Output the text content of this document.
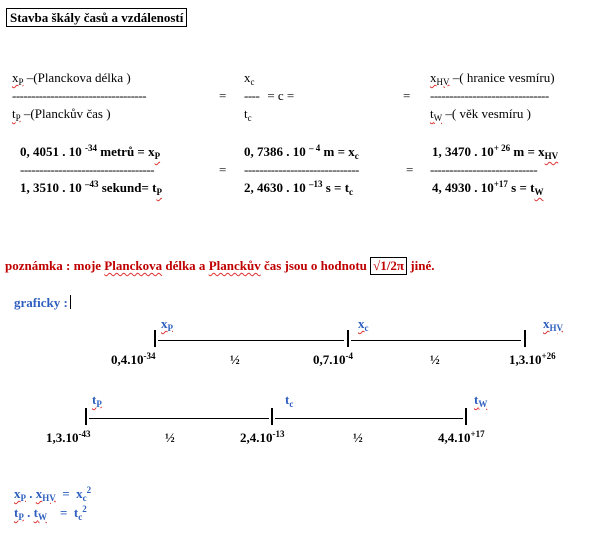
Stavba škály časů a vzdáleností
$x_P$ –(Planckova délka )
-----------------------------------
$t_P$ –(Planckův čas )
=
$x_c$
---- = c =
$t_c$
=
$x_{HV}$ –( hranice vesmíru)
-------------------------------
$t_W$ –( věk vesmíru )
0, 4051 . 10 $^{-34}$ metrů = $x_P$
-----------------------------------
1, 3510 . 10 $^{-43}$ sekund= $t_P$
=
0, 7386 . 10 $^{- 4}$ $m = x_c$
------------------------------
2, 4630 . 10 $^{-13}$ $s = t_c$
=
1, 3470 . $10^{+ 26}$ $m = x_{HV}$
----------------------------
4, 4930 . $10^{+17}$ $s = t_W$
poznámka : moje Planckova délka a Planckův čas jsou o hodnotu √1/2π jiné.
graficky :
$x_P$	$x_c$	$x_{HV}$
$0,4.10^{-34}$	½	$0,7.10^{-4}$	½	$1,3.10^{+26}$
$t_P$	$t_c$	$t_W$
$1,3.10^{-43}$	½	$2,4.10^{-13}$	½	$4,4.10^{+17}$
$x_P$ . $x_{HV} = x_c^2$
$t_P$ . $t_W$    =  $t_c^2$
